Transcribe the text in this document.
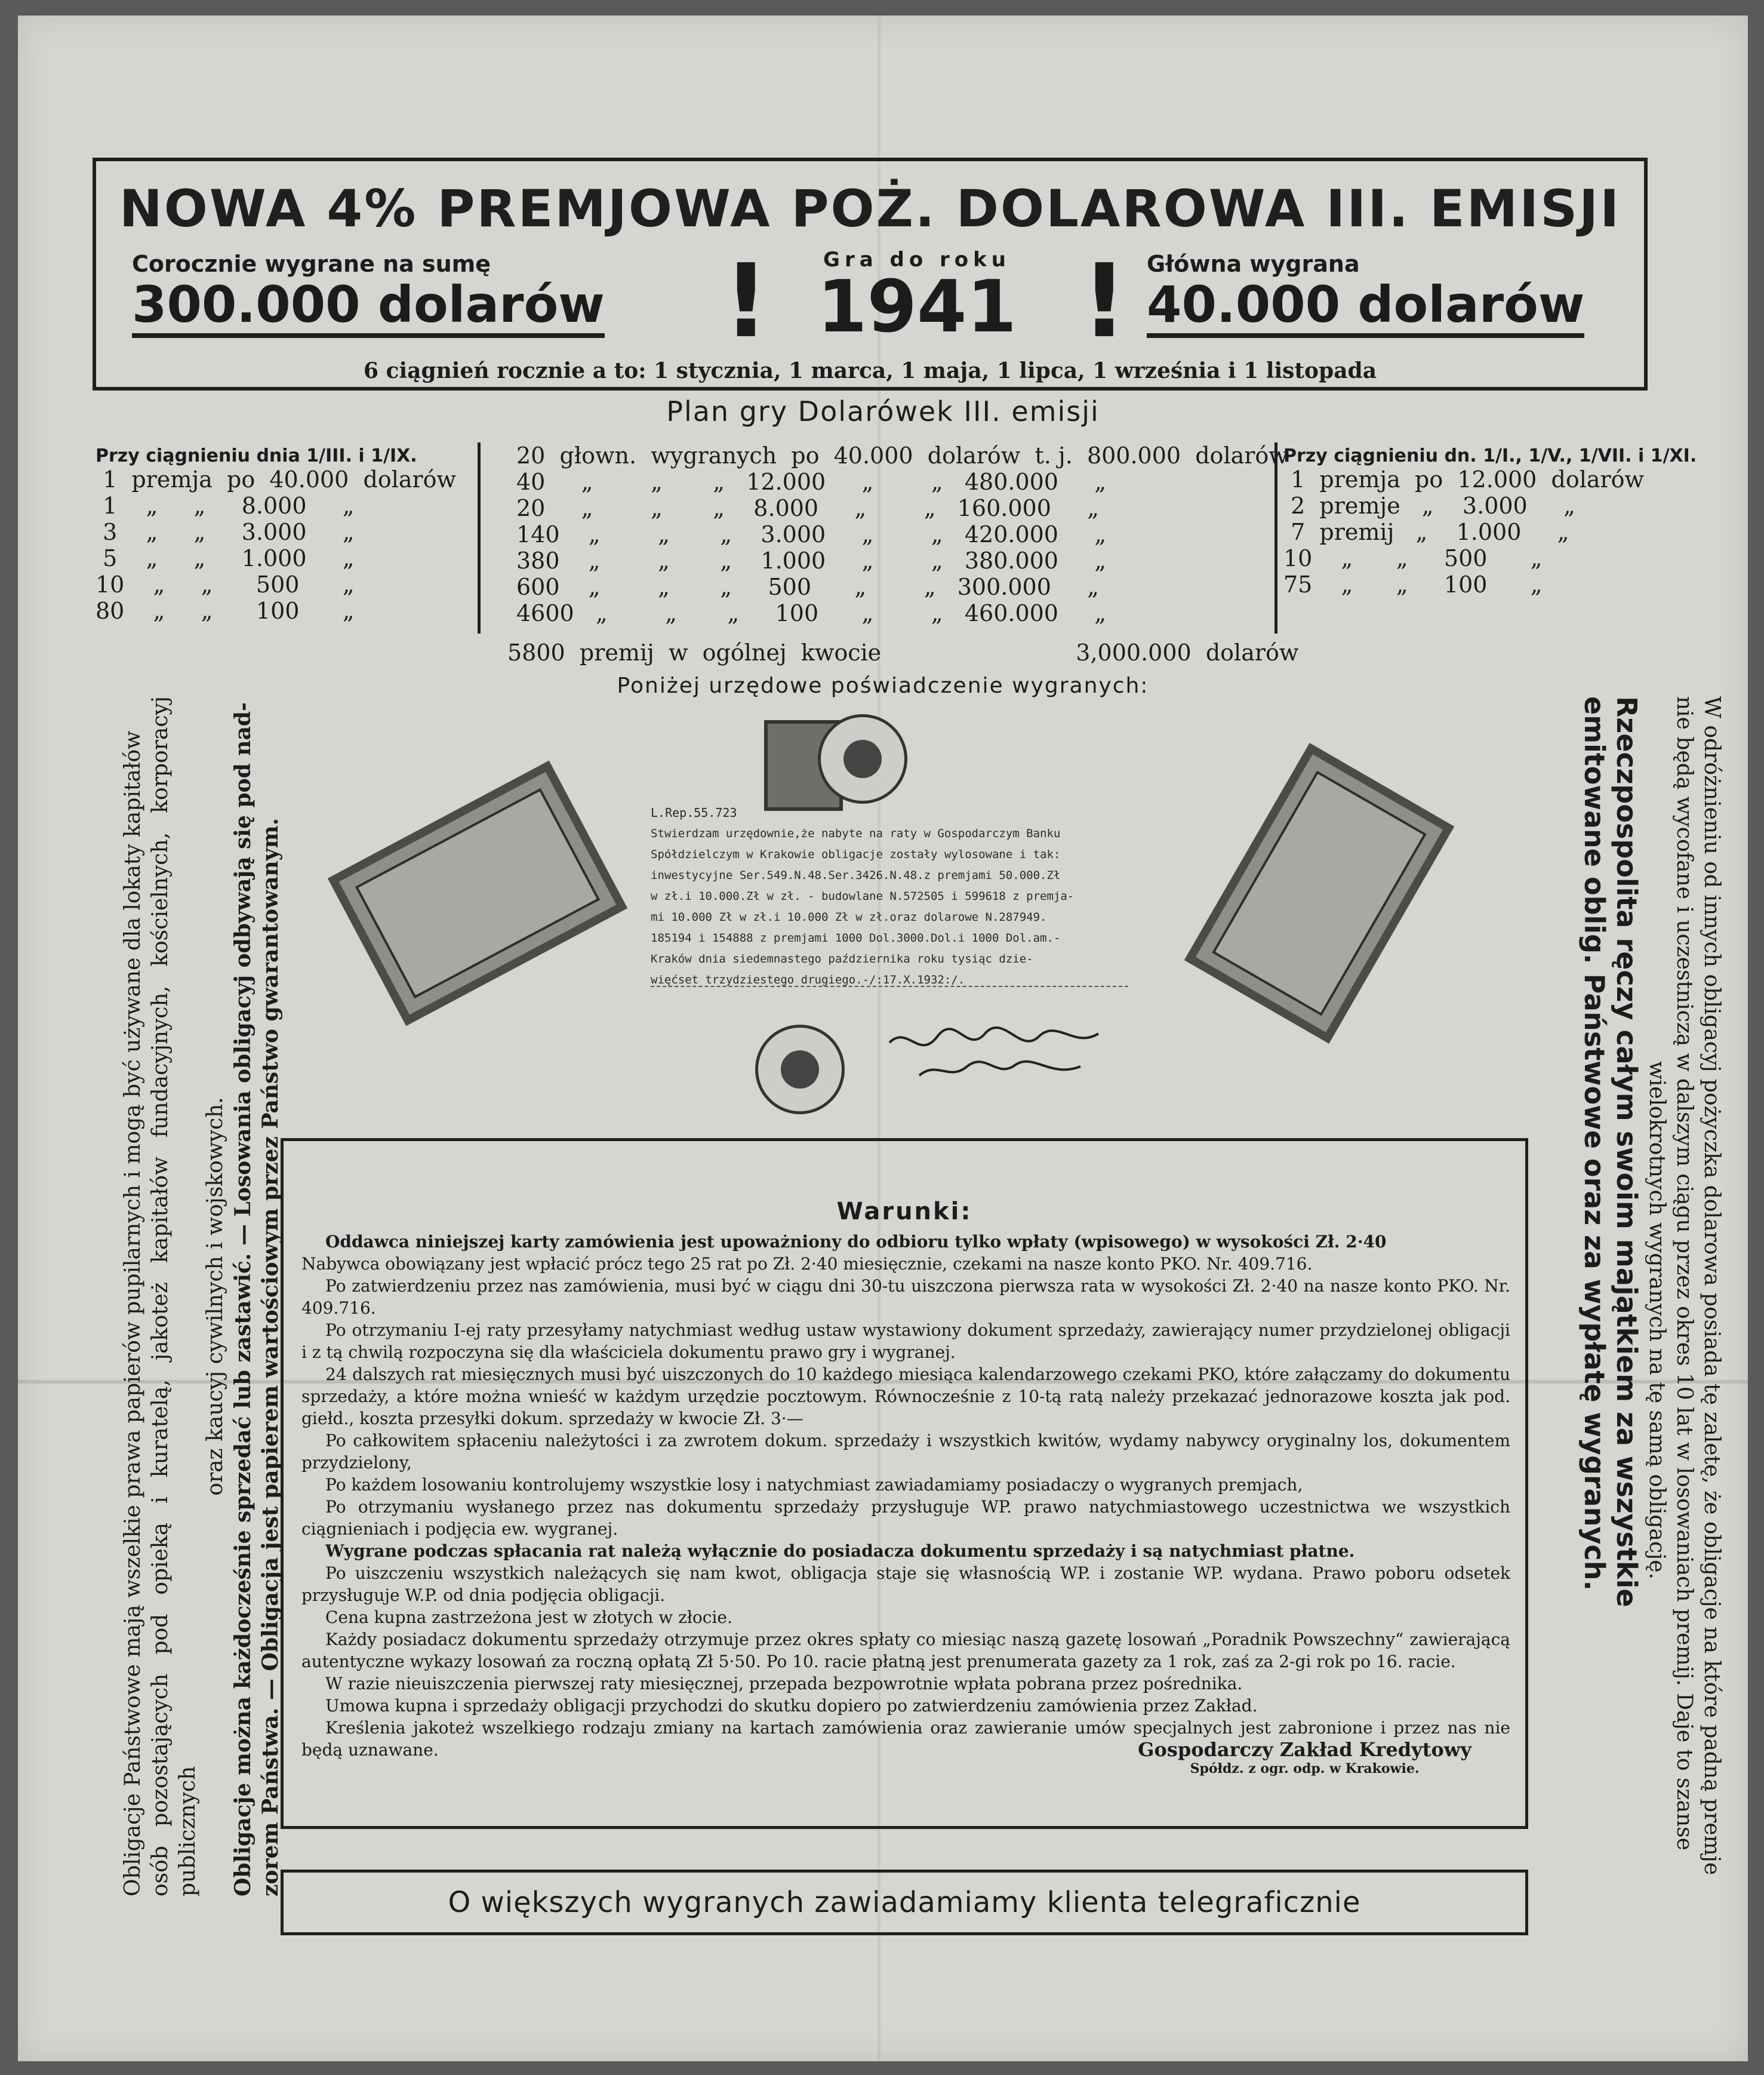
NOWA 4% PREMJOWA POŻ. DOLAROWA III. EMISJI
Corocznie wygrane na sumę
300.000 dolarów !	Gra do roku
1941 ! Główna wygrana
40.000 dolarów
6 ciągnień rocznie a to: 1 stycznia, 1 marca, 1 maja, 1 lipca, 1 września i 1 listopada
Plan gry Dolarówek III. emisji
Przy ciągnieniu dnia 1/III. i 1/IX.
1  premja  po  40.000  dolarów
1    „     „     8.000     „
3    „     „     3.000     „
5    „     „     1.000     „
10    „     „      500      „
80    „     „      100      „
20  głown.  wygranych  po  40.000  dolarów  t. j.  800.000  dolarów
40     „        „       „   12.000     „        „   480.000     „
20     „        „       „    8.000     „        „   160.000     „
140    „        „       „    3.000     „        „   420.000     „
380    „        „       „    1.000     „        „   380.000     „
600    „        „       „     500      „        „   300.000     „
4600   „        „       „     100      „        „   460.000     „
5800  premij  w  ogólnej  kwocie                           3,000.000  dolarów
Przy ciągnieniu dn. 1/I., 1/V., 1/VII. i 1/XI.
1  premja  po  12.000  dolarów
2  premje   „    3.000     „
7  premij   „    1.000     „
10    „      „     500      „
75    „      „     100      „
Poniżej urzędowe poświadczenie wygranych:
L.Rep.55.723
Stwierdzam urzędownie,że nabyte na raty w Gospodarczym Banku
Spółdzielczym w Krakowie obligacje zostały wylosowane i tak:
inwestycyjne Ser.549.N.48.Ser.3426.N.48.z premjami 50.000.Zł
w zł.i 10.000.Zł w zł. - budowlane N.572505 i 599618 z premja-
mi 10.000 Zł w zł.i 10.000 Zł w zł.oraz dolarowe N.287949.
185194 i 154888 z premjami 1000 Dol.3000.Dol.i 1000 Dol.am.-
Kraków dnia siedemnastego października roku tysiąc dzie-
więćset trzydziestego drugiego.-/:17.X.1932:/.
Obligacje Państwowe mają wszelkie prawa papierów pupilarnych i mogą być używane dla lokaty kapitałów osób pozostających pod opieką i kuratelą, jakoteż kapitałów fundacyjnych, kościelnych, korporacyj publicznych
oraz kaucyj cywilnych i wojskowych. Obligacje można każdocześnie sprzedać lub zastawić. — Losowania obligacyj odbywają się pod nad- zorem Państwa. — Obligacja jest papierem wartościowym przez Państwo gwarantowanym.	W odróżnieniu od innych obligacyj pożyczka dolarowa posiada tę zaletę, że obligacje na które padną premje
nie będą wycofane i uczestniczą w dalszym ciągu przez okres 10 lat w losowaniach premij. Daje to szanse
wielokrotnych wygranych na tę samą obligację.
Rzeczpospolita ręczy całym swoim majątkiem za wszystkie
emitowane oblig. Państwowe oraz za wypłatę wygranych.
Warunki:

Oddawca niniejszej karty zamówienia jest upoważniony do odbioru tylko wpłaty (wpisowego) w wysokości Zł. 2·40

Nabywca obowiązany jest wpłacić prócz tego 25 rat po Zł. 2·40 miesięcznie, czekami na nasze konto PKO. Nr. 409.716.

Po zatwierdzeniu przez nas zamówienia, musi być w ciągu dni 30-tu uiszczona pierwsza rata w wysokości Zł. 2·40 na nasze konto PKO. Nr. 409.716.

Po otrzymaniu I-ej raty przesyłamy natychmiast według ustaw wystawiony dokument sprzedaży, zawierający numer przydzielonej obligacji i z tą chwilą rozpoczyna się dla właściciela dokumentu prawo gry i wygranej.

24 dalszych rat miesięcznych musi być uiszczonych do 10 każdego miesiąca kalendarzowego czekami PKO, które załączamy do dokumentu sprzedaży, a które można wnieść w każdym urzędzie pocztowym. Równocześnie z 10-tą ratą należy przekazać jednorazowe koszta jak pod. giełd., koszta przesyłki dokum. sprzedaży w kwocie Zł. 3·—

Po całkowitem spłaceniu należytości i za zwrotem dokum. sprzedaży i wszystkich kwitów, wydamy nabywcy oryginalny los, dokumentem przydzielony,

Po każdem losowaniu kontrolujemy wszystkie losy i natychmiast zawiadamiamy posiadaczy o wygranych premjach,

Po otrzymaniu wysłanego przez nas dokumentu sprzedaży przysługuje WP. prawo natychmiastowego uczestnictwa we wszystkich ciągnieniach i podjęcia ew. wygranej.

Wygrane podczas spłacania rat należą wyłącznie do posiadacza dokumentu sprzedaży i są natychmiast płatne.

Po uiszczeniu wszystkich należących się nam kwot, obligacja staje się własnością WP. i zostanie WP. wydana. Prawo poboru odsetek przysługuje W.P. od dnia podjęcia obligacji.

Cena kupna zastrzeżona jest w złotych w złocie.

Każdy posiadacz dokumentu sprzedaży otrzymuje przez okres spłaty co miesiąc naszą gazetę losowań „Poradnik Powszechny“ zawierającą autentyczne wykazy losowań za roczną opłatą Zł 5·50. Po 10. racie płatną jest prenumerata gazety za 1 rok, zaś za 2-gi rok po 16. racie.

W razie nieuiszczenia pierwszej raty miesięcznej, przepada bezpowrotnie wpłata pobrana przez pośrednika.

Umowa kupna i sprzedaży obligacji przychodzi do skutku dopiero po zatwierdzeniu zamówienia przez Zakład.

Kreślenia jakoteż wszelkiego rodzaju zmiany na kartach zamówienia oraz zawieranie umów specjalnych jest zabronione i przez nas nie będą uznawane.	Gospodarczy Zakład Kredytowy
Spółdz. z ogr. odp. w Krakowie.
O większych wygranych zawiadamiamy klienta telegraficznie
